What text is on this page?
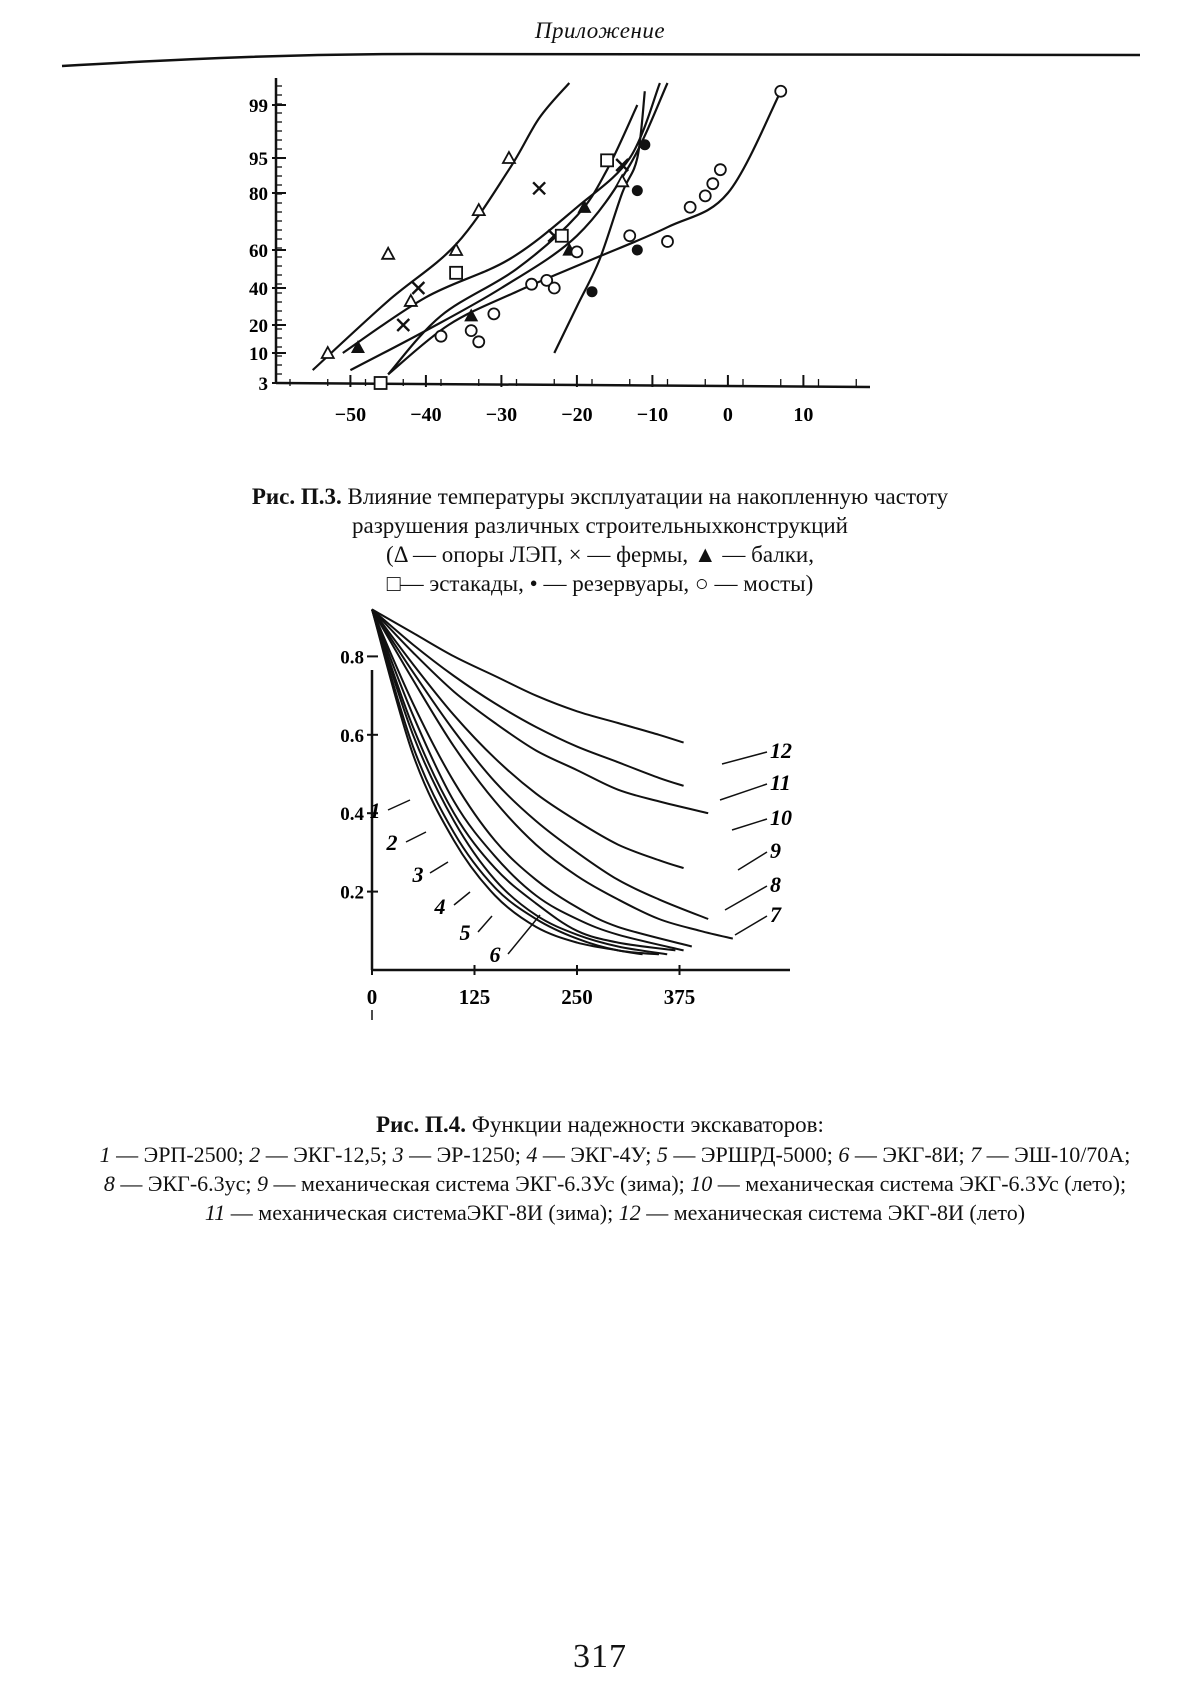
Приложение
3
10
20
40
60
80
95
99
−50 −40 −30 −20 −10	0	10
Рис. П.3. Влияние температуры эксплуатации на накопленную частоту
разрушения различных строительныхконструкций
(Δ — опоры ЛЭП, × — фермы, ▲ — балки,
□— эстакады, • — резервуары, ○ — мосты)
1
2
3
4
5
6
7
8
9
10
11
12
0.2
0.4
0.6
0.8
0	125	250	375
Рис. П.4. Функции надежности экскаваторов:
1 — ЭРП-2500; 2 — ЭКГ-12,5; 3 — ЭР-1250; 4 — ЭКГ-4У; 5 — ЭРШРД-5000; 6 — ЭКГ-8И; 7 — ЭШ-10/70А; 8 — ЭКГ-6.3ус; 9 — механическая система ЭКГ-6.3Ус (зима); 10 — механическая система ЭКГ-6.3Ус (лето); 11 — механическая системаЭКГ-8И (зима); 12 — механическая система ЭКГ-8И (лето)
317
